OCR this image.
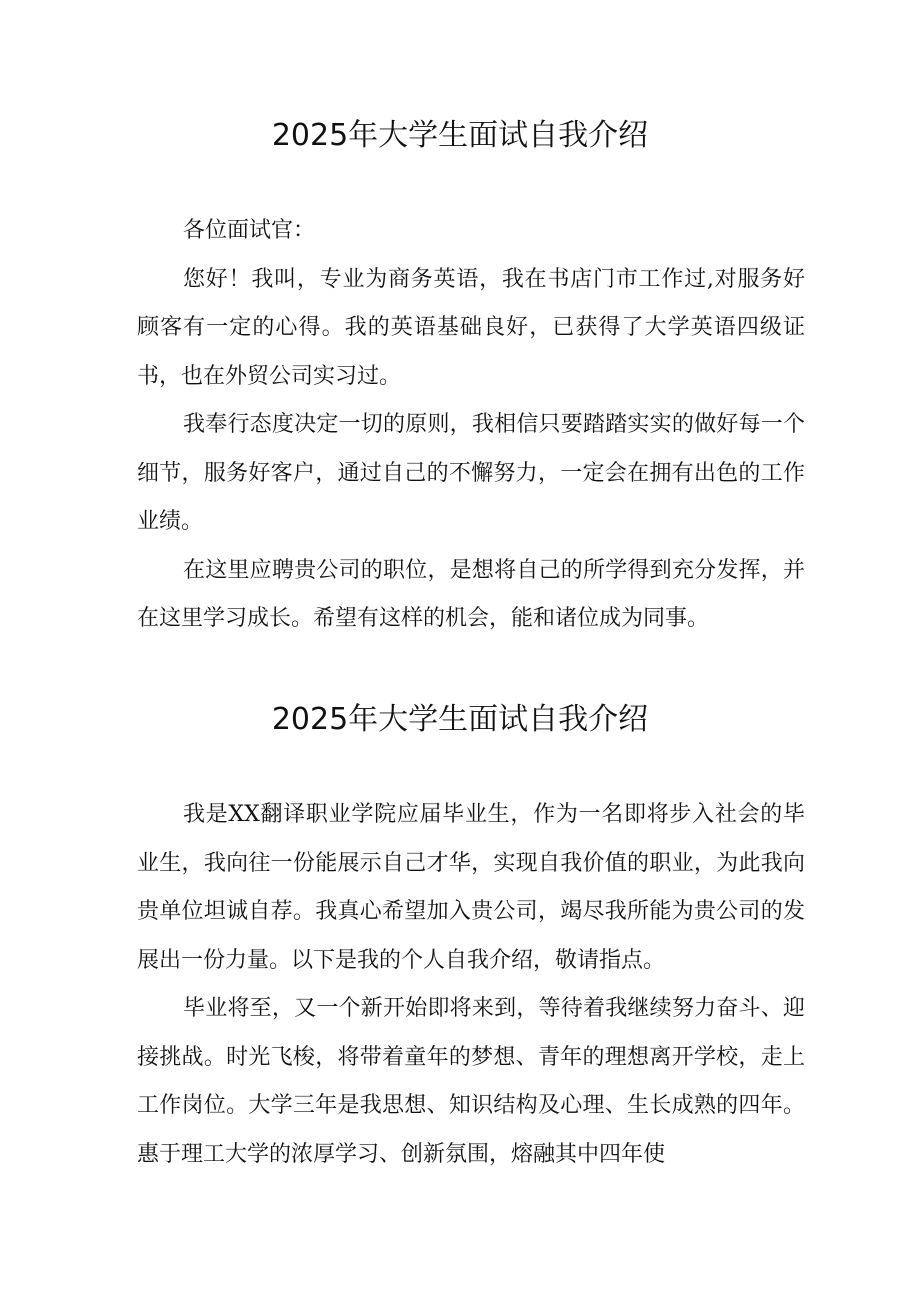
2025年大学生面试自我介绍

各位面试官：

您好！我叫，专业为商务英语，我在书店门市工作过,对服务好顾客有一定的心得。我的英语基础良好，已获得了大学英语四级证书，也在外贸公司实习过。

我奉行态度决定一切的原则，我相信只要踏踏实实的做好每一个细节，服务好客户，通过自己的不懈努力，一定会在拥有出色的工作业绩。

在这里应聘贵公司的职位，是想将自己的所学得到充分发挥，并在这里学习成长。希望有这样的机会，能和诸位成为同事。

2025年大学生面试自我介绍

我是XX翻译职业学院应届毕业生，作为一名即将步入社会的毕业生，我向往一份能展示自己才华，实现自我价值的职业，为此我向贵单位坦诚自荐。我真心希望加入贵公司，竭尽我所能为贵公司的发展出一份力量。以下是我的个人自我介绍，敬请指点。

毕业将至，又一个新开始即将来到，等待着我继续努力奋斗、迎接挑战。时光飞梭，将带着童年的梦想、青年的理想离开学校，走上工作岗位。大学三年是我思想、知识结构及心理、生长成熟的四年。惠于理工大学的浓厚学习、创新氛围，熔融其中四年使
